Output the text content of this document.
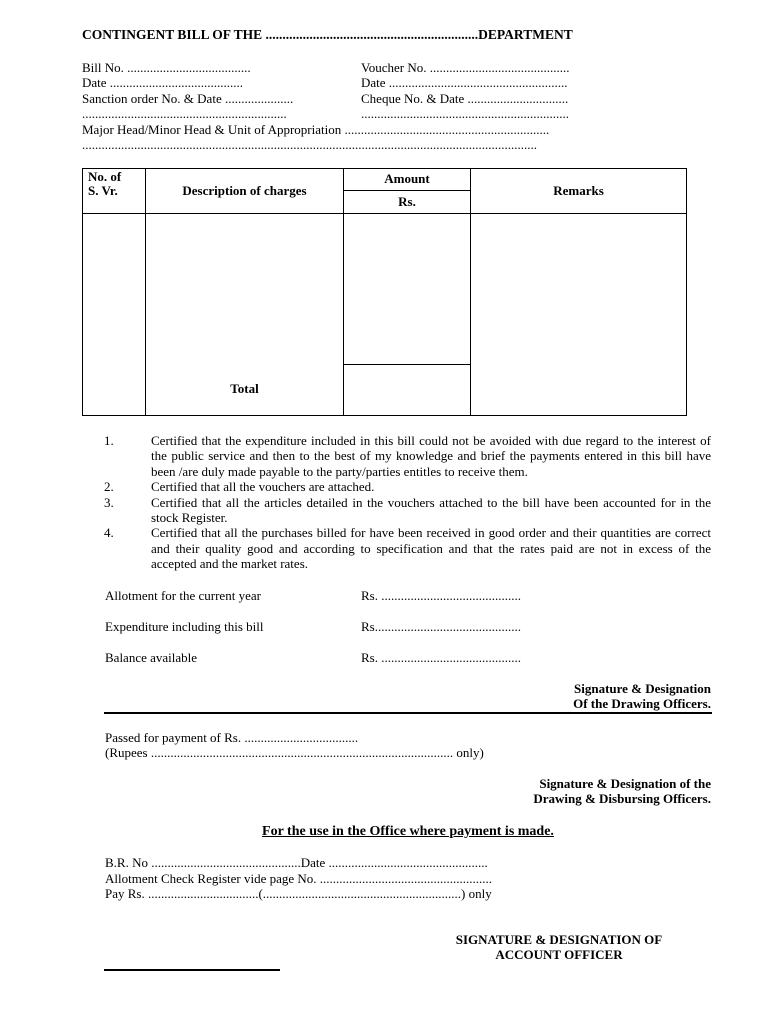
CONTINGENT BILL OF THE ...............................................................DEPARTMENT
Bill No. ......................................	Voucher No. ...........................................
Date .........................................	Date .......................................................
Sanction order No. & Date .....................	Cheque No. & Date ...............................
...............................................................	................................................................
Major Head/Minor Head & Unit of Appropriation ...............................................................
............................................................................................................................................
No. of
S. Vr.	Description of charges	Amount	Remarks
		Rs.	

	Total		

1.	Certified that the expenditure included in this bill could not be avoided with due regard to the interest of the public service and then to the best of my knowledge and brief the payments entered in this bill have been /are duly made payable to the party/parties entitles to receive them.
2.	Certified that all the vouchers are attached.
3.	Certified that all the articles detailed in the vouchers attached to the bill have been accounted for in the stock Register.
4.	Certified that all the purchases billed for have been received in good order and their quantities are correct and their quality good and according to specification and that the rates paid are not in excess of the accepted and the market rates.
Allotment for the current year	Rs. ...........................................
Expenditure including this bill	Rs.............................................
Balance available	Rs. ...........................................
Signature & Designation
Of the Drawing Officers.
Passed for payment of Rs. ...................................
(Rupees ............................................................................................. only)
Signature & Designation of the
Drawing & Disbursing Officers.
For the use in the Office where payment is made.
B.R. No ..............................................Date .................................................
Allotment Check Register vide page No. .....................................................
Pay Rs. ..................................(.............................................................) only
SIGNATURE & DESIGNATION OF
ACCOUNT OFFICER
